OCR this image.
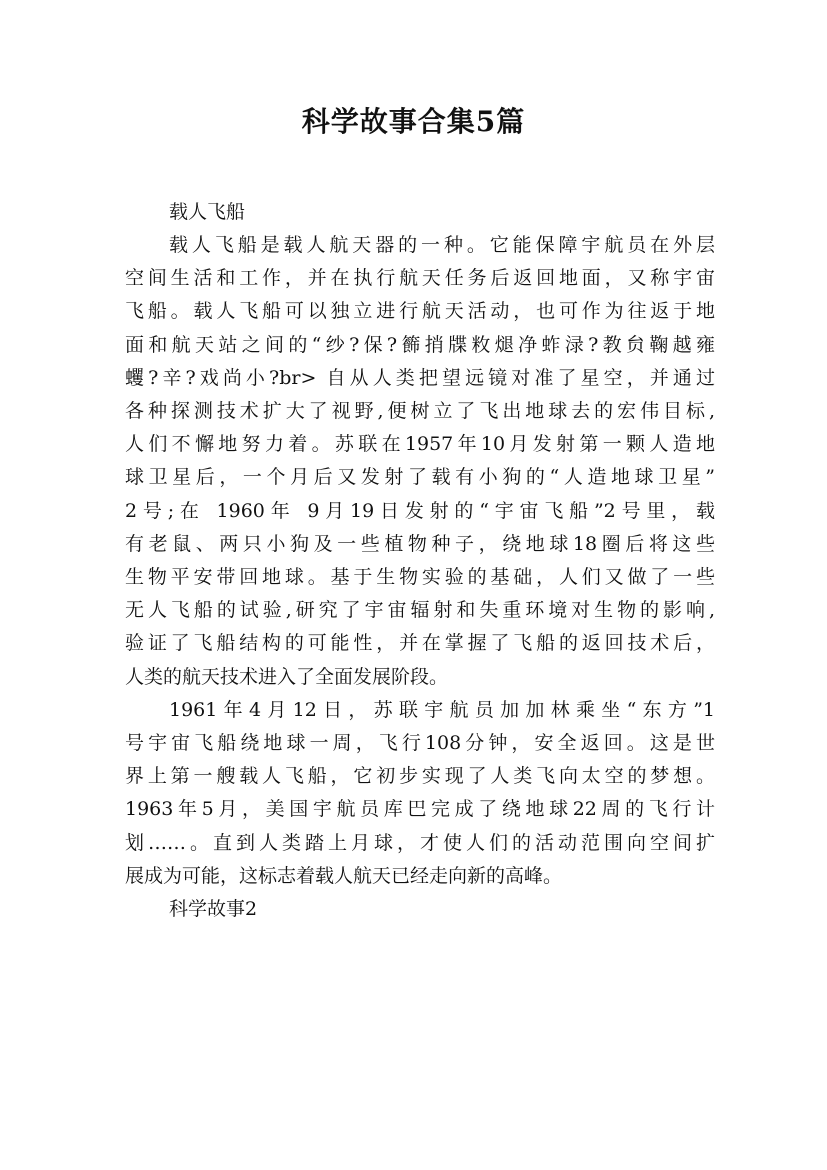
科学故事合集5篇
载人飞船
载人飞船是载人航天器的一种。它能保障宇航员在外层
空间生活和工作，并在执行航天任务后返回地面，又称宇宙
飞船。载人飞船可以独立进行航天活动，也可作为往返于地
面和航天站之间的“纱?保?籂捎牒敉煺净蚱渌?教贠鞠越雍
蠼?辛?戏尚小?br> 自从人类把望远镜对准了星空，并通过
各种探测技术扩大了视野,便树立了飞出地球去的宏伟目标,
人们不懈地努力着。苏联在1957年10月发射第一颗人造地
球卫星后，一个月后又发射了载有小狗的“人造地球卫星”
2号;在 1960年 9月19日发射的“宇宙飞船”2号里，载
有老鼠、两只小狗及一些植物种子，绕地球18圈后将这些
生物平安带回地球。基于生物实验的基础，人们又做了一些
无人飞船的试验,研究了宇宙辐射和失重环境对生物的影响,
验证了飞船结构的可能性，并在掌握了飞船的返回技术后，
人类的航天技术进入了全面发展阶段。
1961年4月12日，苏联宇航员加加林乘坐“东方”1
号宇宙飞船绕地球一周，飞行108分钟，安全返回。这是世
界上第一艘载人飞船，它初步实现了人类飞向太空的梦想。
1963年5月，美国宇航员库巴完成了绕地球22周的飞行计
划……。直到人类踏上月球，才使人们的活动范围向空间扩
展成为可能，这标志着载人航天已经走向新的高峰。
科学故事2
